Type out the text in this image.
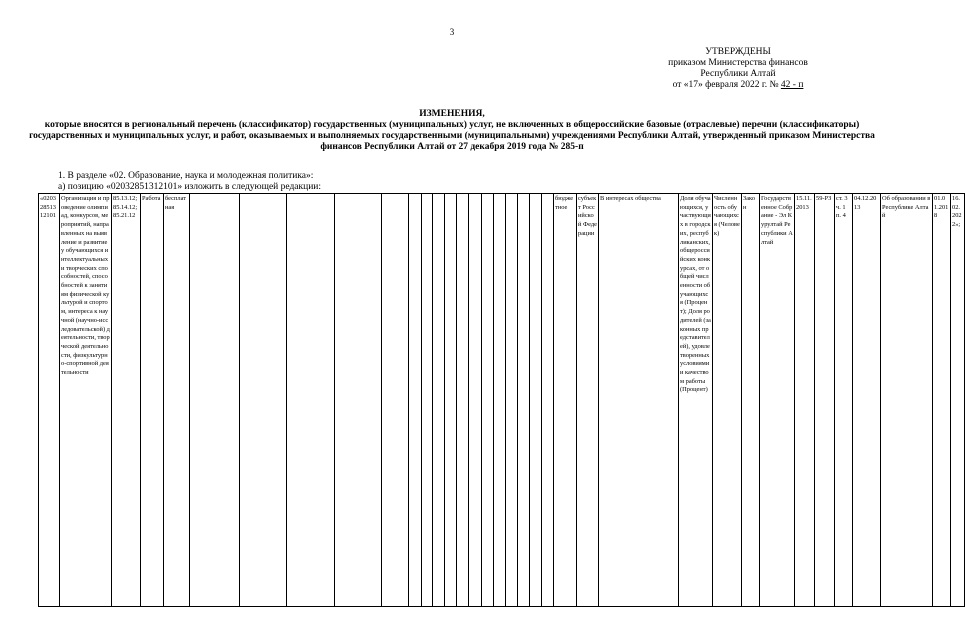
3
УТВЕРЖДЕНЫ
приказом Министерства финансов
Республики Алтай
от «17» февраля 2022 г. № 42 - п
ИЗМЕНЕНИЯ,
которые вносятся в региональный перечень (классификатор) государственных (муниципальных) услуг, не включенных в общероссийские базовые (отраслевые) перечни (классификаторы) государственных и муниципальных услуг, и работ, оказываемых и выполняемых государственными (муниципальными) учреждениями Республики Алтай, утвержденный приказом Министерства финансов Республики Алтай от 27 декабря 2019 года № 285-п
1. В разделе «02. Образование, наука и молодежная политика»:
а) позицию «02032851312101» изложить в следующей редакции:
«02032851312101	Организация и проведение олимпиад, конкурсов, мероприятий, направленных на выявление и развитие у обучающихся интеллектуальных и творческих способностей, способностей к занятиям физической культурой и спортом, интереса к научной (научно-исследовательской) деятельности, творческой деятельности, физкультурно-спортивной деятельности	85.13.12; 85.14.12; 85.21.12	Работа	бесплатная																		бюджетное	субъект Российской Федерации	В интересах общества	Доля обучающихся, участвующих в городских, республиканских, общероссийских конкурсах, от общей численности обучающихся (Процент); Доля родителей (законных представителей), удовлетворенных условиями и качеством работы (Процент)	Численность обучающихся (Человек)	Закон	Государственное Собрание - Эл Курултай Республики Алтай	15.11.2013	59-РЗ	ст. 3 ч. 1 п. 4	04.12.2013	Об образовании в Республике Алтай	01.01.2018	16.02.2022»;
